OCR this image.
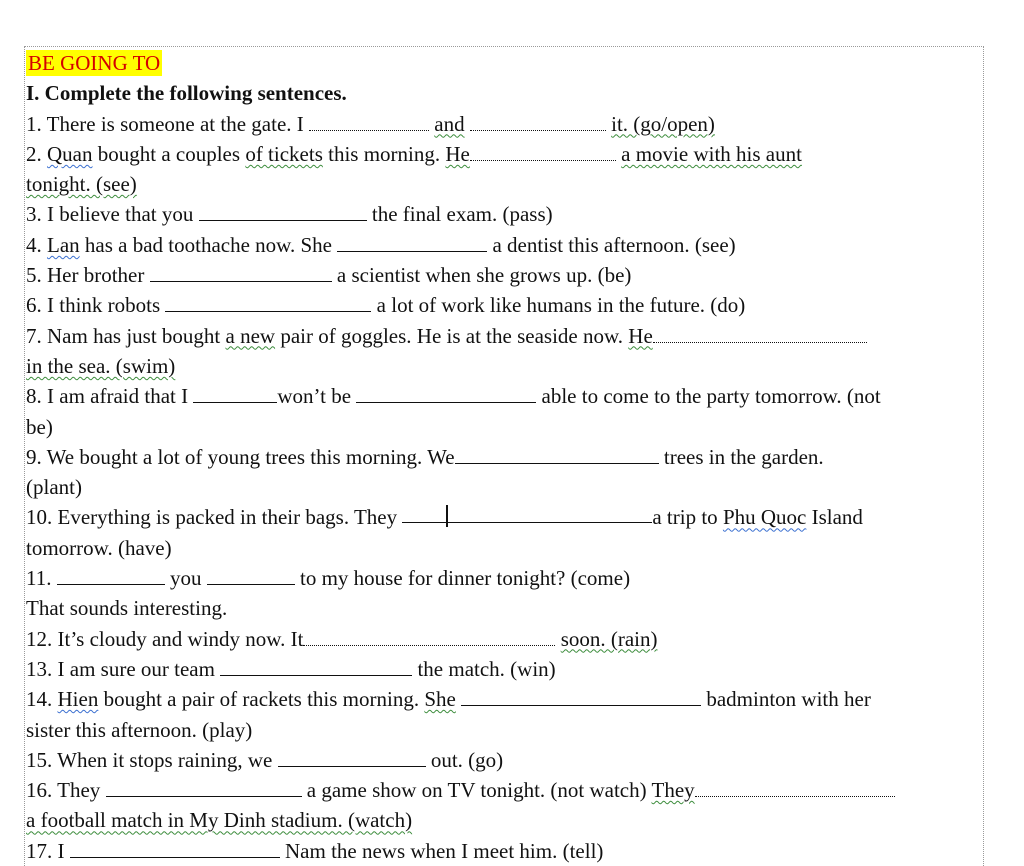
BE GOING TO
I. Complete the following sentences.
1. There is someone at the gate. I	and	it. (go/open)
2. Quan bought a couples of tickets this morning. He	a movie with his aunt
tonight. (see)
3. I believe that you	the final exam. (pass)
4. Lan has a bad toothache now. She	a dentist this afternoon. (see)
5. Her brother	a scientist when she grows up. (be)
6. I think robots	a lot of work like humans in the future. (do)
7. Nam has just bought a new pair of goggles. He is at the seaside now. He
in the sea. (swim)
8. I am afraid that I	won’t be	able to come to the party tomorrow. (not
be)
9. We bought a lot of young trees this morning. We	trees in the garden.
(plant)
10. Everything is packed in their bags. They	a trip to Phu Quoc Island
tomorrow. (have)
11.	you	to my house for dinner tonight? (come)
That sounds interesting.
12. It’s cloudy and windy now. It	soon. (rain)
13. I am sure our team	the match. (win)
14. Hien bought a pair of rackets this morning. She	badminton with her
sister this afternoon. (play)
15. When it stops raining, we	out. (go)
16. They	a game show on TV tonight. (not watch) They
a football match in My Dinh stadium. (watch)
17. I	Nam the news when I meet him. (tell)
